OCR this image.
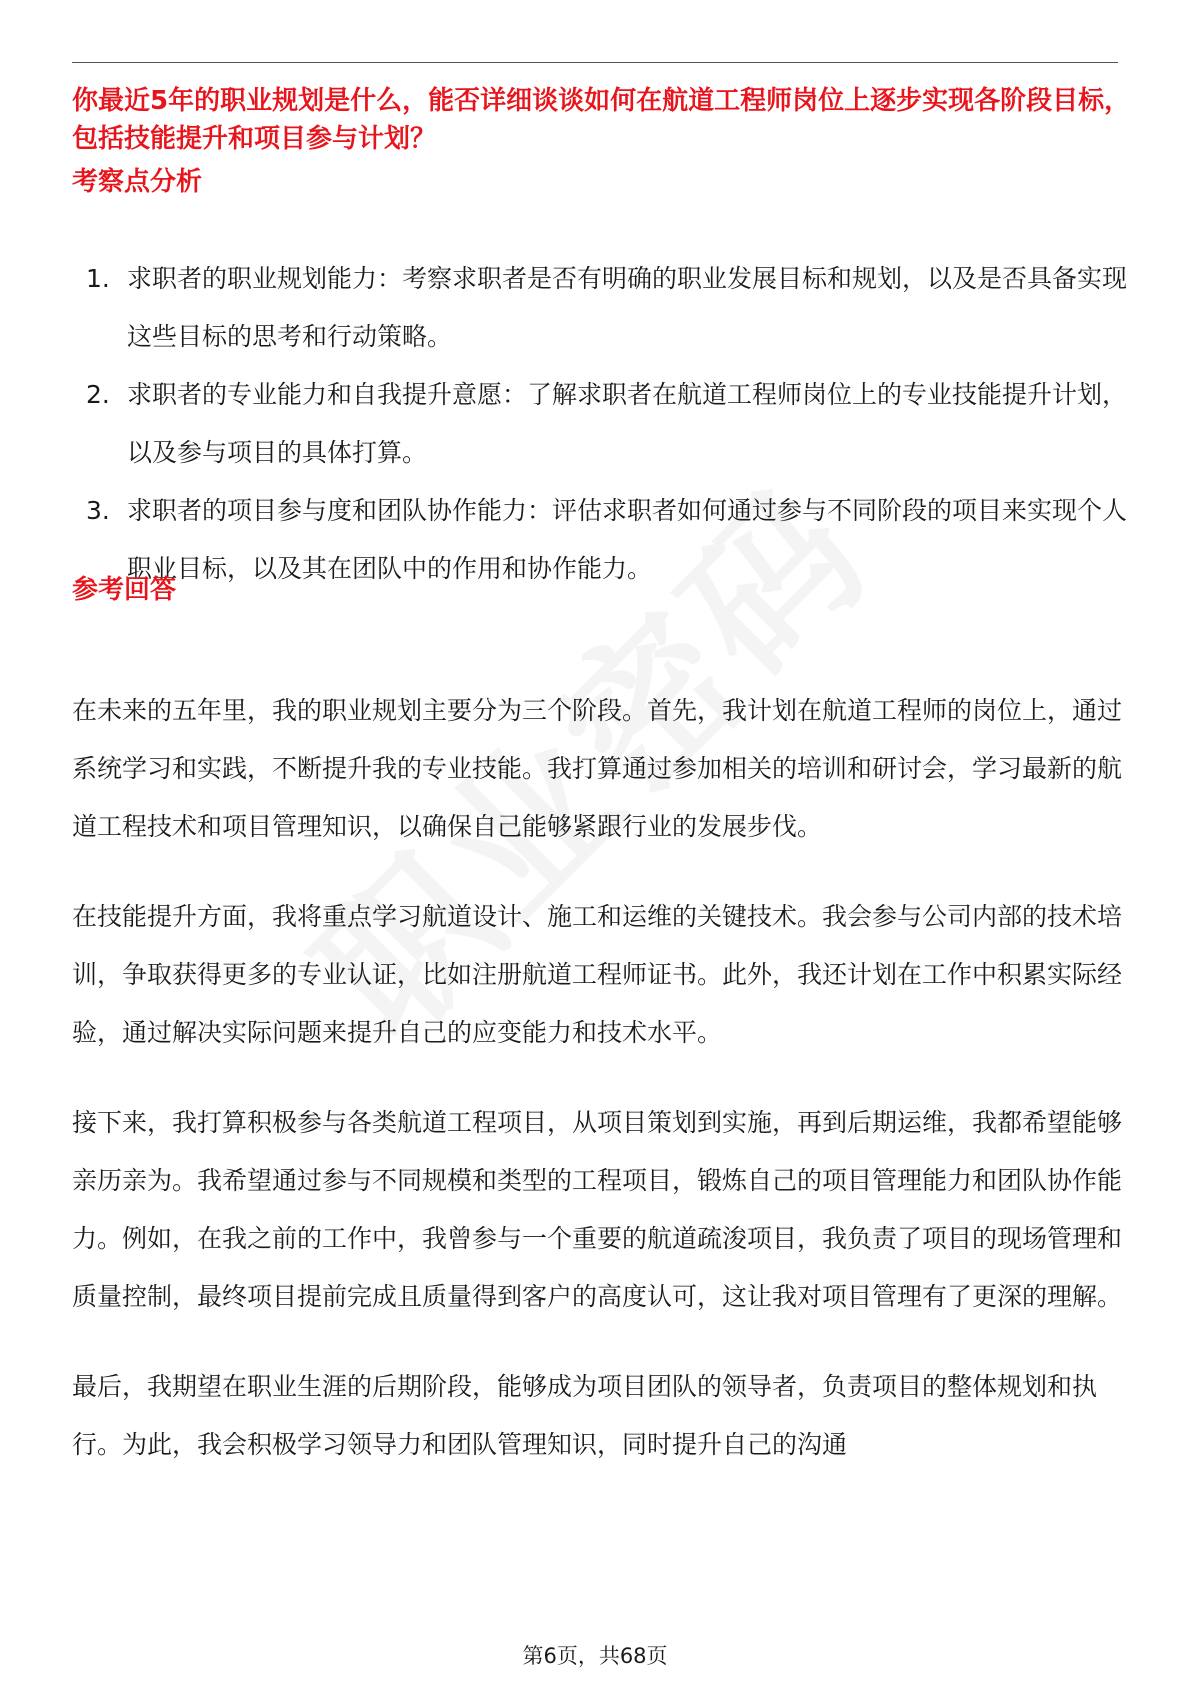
你最近5年的职业规划是什么，能否详细谈谈如何在航道工程师岗位上逐步实现各阶段目标，包括技能提升和项目参与计划？
考察点分析
1. 求职者的职业规划能力：考察求职者是否有明确的职业发展目标和规划，以及是否具备实现这些目标的思考和行动策略。
2. 求职者的专业能力和自我提升意愿：了解求职者在航道工程师岗位上的专业技能提升计划，以及参与项目的具体打算。
3. 求职者的项目参与度和团队协作能力：评估求职者如何通过参与不同阶段的项目来实现个人职业目标，以及其在团队中的作用和协作能力。
参考回答

在未来的五年里，我的职业规划主要分为三个阶段。首先，我计划在航道工程师的岗位上，通过系统学习和实践，不断提升我的专业技能。我打算通过参加相关的培训和研讨会，学习最新的航道工程技术和项目管理知识，以确保自己能够紧跟行业的发展步伐。

在技能提升方面，我将重点学习航道设计、施工和运维的关键技术。我会参与公司内部的技术培训，争取获得更多的专业认证，比如注册航道工程师证书。此外，我还计划在工作中积累实际经验，通过解决实际问题来提升自己的应变能力和技术水平。

接下来，我打算积极参与各类航道工程项目，从项目策划到实施，再到后期运维，我都希望能够亲历亲为。我希望通过参与不同规模和类型的工程项目，锻炼自己的项目管理能力和团队协作能力。例如，在我之前的工作中，我曾参与一个重要的航道疏浚项目，我负责了项目的现场管理和质量控制，最终项目提前完成且质量得到客户的高度认可，这让我对项目管理有了更深的理解。

最后，我期望在职业生涯的后期阶段，能够成为项目团队的领导者，负责项目的整体规划和执行。为此，我会积极学习领导力和团队管理知识，同时提升自己的沟通

第6页，共68页
